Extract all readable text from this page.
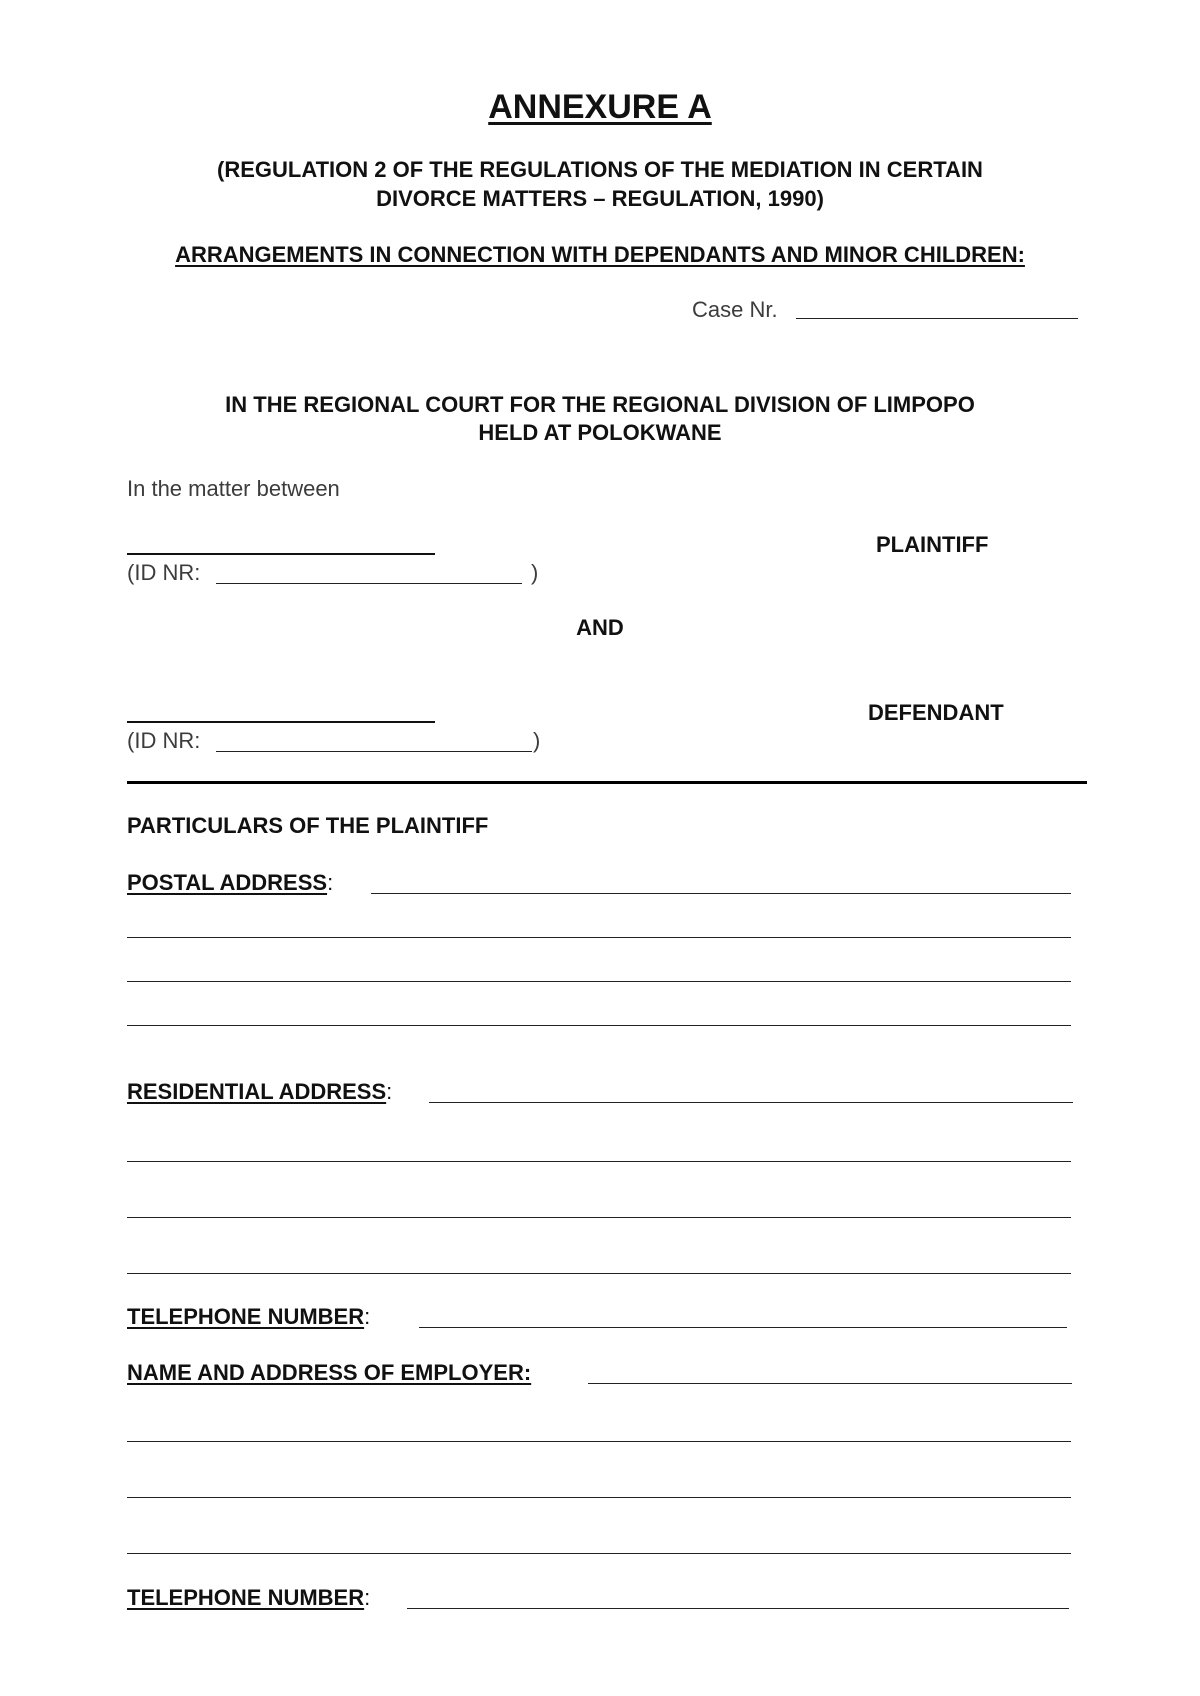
ANNEXURE A
(REGULATION 2 OF THE REGULATIONS OF THE MEDIATION IN CERTAIN
DIVORCE MATTERS – REGULATION, 1990)
ARRANGEMENTS IN CONNECTION WITH DEPENDANTS AND MINOR CHILDREN:
Case Nr.
IN THE REGIONAL COURT FOR THE REGIONAL DIVISION OF LIMPOPO
HELD AT POLOKWANE
In the matter between
PLAINTIFF
(ID NR:	)
AND
DEFENDANT
(ID NR:	)
PARTICULARS OF THE PLAINTIFF
POSTAL ADDRESS:
RESIDENTIAL ADDRESS:
TELEPHONE NUMBER:
NAME AND ADDRESS OF EMPLOYER:
TELEPHONE NUMBER:
